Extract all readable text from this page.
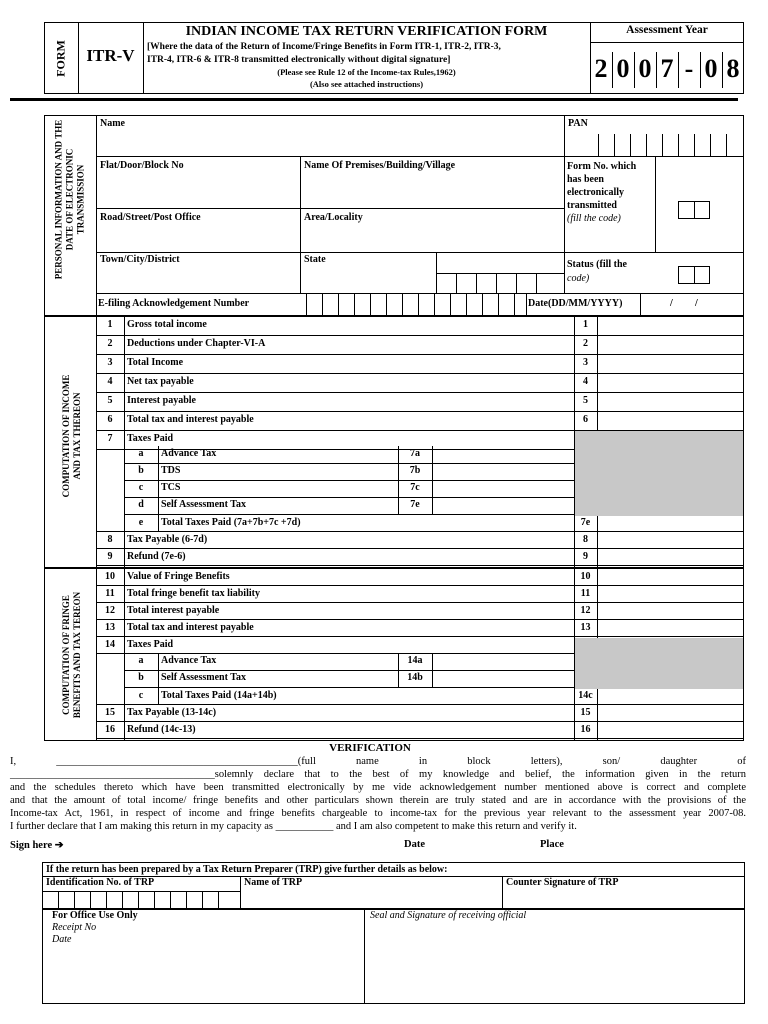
FORM	ITR-V
INDIAN INCOME TAX RETURN VERIFICATION FORM
[Where the data of the Return of Income/Fringe Benefits in Form ITR-1, ITR-2, ITR-3,
ITR-4, ITR-6 & ITR-8 transmitted electronically without digital signature]
(Please see Rule 12 of the Income-tax Rules,1962)
(Also see attached instructions)
Assessment Year
2 0 0 7 - 0 8
PERSONAL INFORMATION AND THE DATE OF ELECTRONIC TRANSMISSION
Name	PAN
Flat/Door/Block No	Name Of Premises/Building/Village	Form No. which
has been
electronically
transmitted
(fill the code)
Road/Street/Post Office	Area/Locality
Town/City/District	State	Status (fill the
code)
E-filing Acknowledgement Number	Date(DD/MM/YYYY)	/ /
COMPUTATION OF INCOME AND TAX THEREON
1	Gross total income	1
2	Deductions under Chapter-VI-A	2
3	Total Income	3
4	Net tax payable	4
5	Interest payable	5
6	Total tax and interest payable	6
7	Taxes Paid
a	Advance Tax	7a
b	TDS	7b
c	TCS	7c
d	Self Assessment Tax	7e
e	Total Taxes Paid (7a+7b+7c +7d)	7e
8	Tax Payable (6-7d)	8
9	Refund (7e-6)	9
COMPUTATION OF FRINGE BENEFITS AND TAX TEREON
10	Value of Fringe Benefits	10
11	Total fringe benefit tax liability	11
12	Total interest payable	12
13	Total tax and interest payable	13
14	Taxes Paid
a	Advance Tax	14a
b	Self Assessment Tax	14b
c	Total Taxes Paid (14a+14b)	14c
15	Tax Payable (13-14c)	15
16	Refund (14c-13)	16
VERIFICATION
I, ______________________________________________(full name in block letters), son/ daughter of
_______________________________________solemnly declare that to the best of my knowledge and belief, the information given in the return
and the schedules thereto which have been transmitted electronically by me vide acknowledgement number mentioned above is correct and complete
and that the amount of total income/ fringe benefits and other particulars shown therein are truly stated and are in accordance with the provisions of the
Income-tax Act, 1961, in respect of income and fringe benefits chargeable to income-tax for the previous year relevant to the assessment year 2007-08.
I further declare that I am making this return in my capacity as ___________ and I am also competent to make this return and verify it.
Sign here ➔	Date	Place
If the return has been prepared by a Tax Return Preparer (TRP) give further details as below:
Identification No. of TRP	Name of TRP	Counter Signature of TRP
For Office Use Only
Receipt No
Date
Seal and Signature of receiving official
